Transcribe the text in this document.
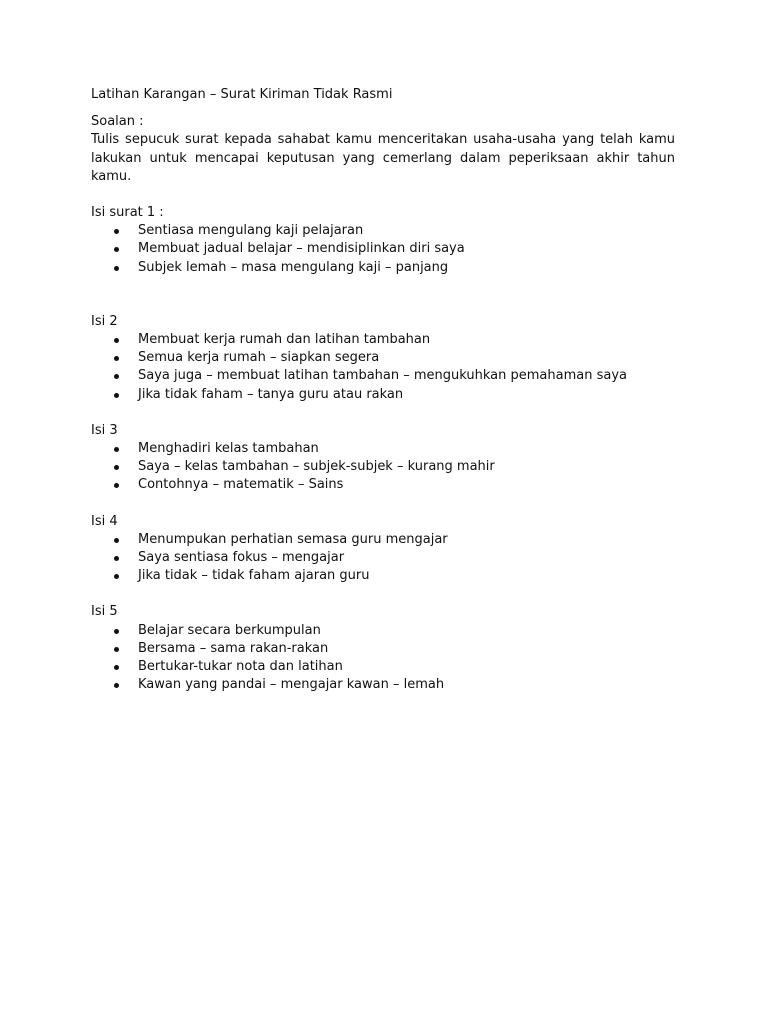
Latihan Karangan – Surat Kiriman Tidak Rasmi

Soalan :

Tulis sepucuk surat kepada sahabat kamu menceritakan usaha-usaha yang telah kamu lakukan untuk mencapai keputusan yang cemerlang dalam peperiksaan akhir tahun kamu.

Isi surat 1 :

Sentiasa mengulang kaji pelajaran
Membuat jadual belajar – mendisiplinkan diri saya
Subjek lemah – masa mengulang kaji – panjang

Isi 2

Membuat kerja rumah dan latihan tambahan
Semua kerja rumah – siapkan segera
Saya juga – membuat latihan tambahan – mengukuhkan pemahaman saya
Jika tidak faham – tanya guru atau rakan

Isi 3

Menghadiri kelas tambahan
Saya – kelas tambahan – subjek-subjek – kurang mahir
Contohnya – matematik – Sains

Isi 4

Menumpukan perhatian semasa guru mengajar
Saya sentiasa fokus – mengajar
Jika tidak – tidak faham ajaran guru

Isi 5

Belajar secara berkumpulan
Bersama – sama rakan-rakan
Bertukar-tukar nota dan latihan
Kawan yang pandai – mengajar kawan – lemah
